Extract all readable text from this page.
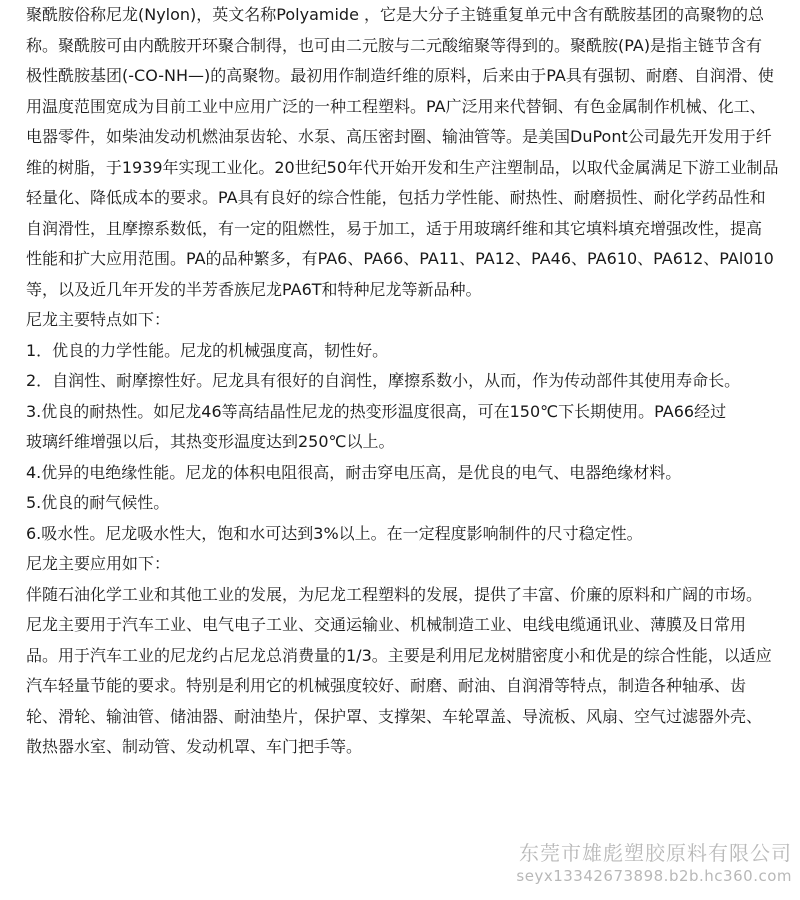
聚酰胺俗称尼龙(Nylon)，英文名称Polyamide ，它是大分子主链重复单元中含有酰胺基团的高聚物的总
称。聚酰胺可由内酰胺开环聚合制得，也可由二元胺与二元酸缩聚等得到的。聚酰胺(PA)是指主链节含有
极性酰胺基团(-CO-NH—)的高聚物。最初用作制造纤维的原料，后来由于PA具有强韧、耐磨、自润滑、使
用温度范围宽成为目前工业中应用广泛的一种工程塑料。PA广泛用来代替铜、有色金属制作机械、化工、
电器零件，如柴油发动机燃油泵齿轮、水泵、高压密封圈、输油管等。是美国DuPont公司最先开发用于纤
维的树脂，于1939年实现工业化。20世纪50年代开始开发和生产注塑制品，以取代金属满足下游工业制品
轻量化、降低成本的要求。PA具有良好的综合性能，包括力学性能、耐热性、耐磨损性、耐化学药品性和
自润滑性，且摩擦系数低，有一定的阻燃性，易于加工，适于用玻璃纤维和其它填料填充增强改性，提高
性能和扩大应用范围。PA的品种繁多，有PA6、PA66、PA11、PA12、PA46、PA610、PA612、PAl010
等，以及近几年开发的半芳香族尼龙PA6T和特种尼龙等新品种。

尼龙主要特点如下：
1．优良的力学性能。尼龙的机械强度高，韧性好。
2．自润性、耐摩擦性好。尼龙具有很好的自润性，摩擦系数小，从而，作为传动部件其使用寿命长。
3.优良的耐热性。如尼龙46等高结晶性尼龙的热变形温度很高，可在150℃下长期使用。PA66经过
玻璃纤维增强以后，其热变形温度达到250℃以上。
4.优异的电绝缘性能。尼龙的体积电阻很高，耐击穿电压高，是优良的电气、电器绝缘材料。
5.优良的耐气候性。
6.吸水性。尼龙吸水性大，饱和水可达到3%以上。在一定程度影响制件的尺寸稳定性。
尼龙主要应用如下：

伴随石油化学工业和其他工业的发展，为尼龙工程塑料的发展，提供了丰富、价廉的原料和广阔的市场。

尼龙主要用于汽车工业、电气电子工业、交通运输业、机械制造工业、电线电缆通讯业、薄膜及日常用
品。用于汽车工业的尼龙约占尼龙总消费量的1/3。主要是利用尼龙树腊密度小和优是的综合性能，以适应
汽车轻量节能的要求。特别是利用它的机械强度较好、耐磨、耐油、自润滑等特点，制造各种轴承、齿
轮、滑轮、输油管、储油器、耐油垫片，保护罩、支撑架、车轮罩盖、导流板、风扇、空气过滤器外壳、
散热器水室、制动管、发动机罩、车门把手等。

东莞市雄彪塑胶原料有限公司
seyx13342673898.b2b.hc360.com
